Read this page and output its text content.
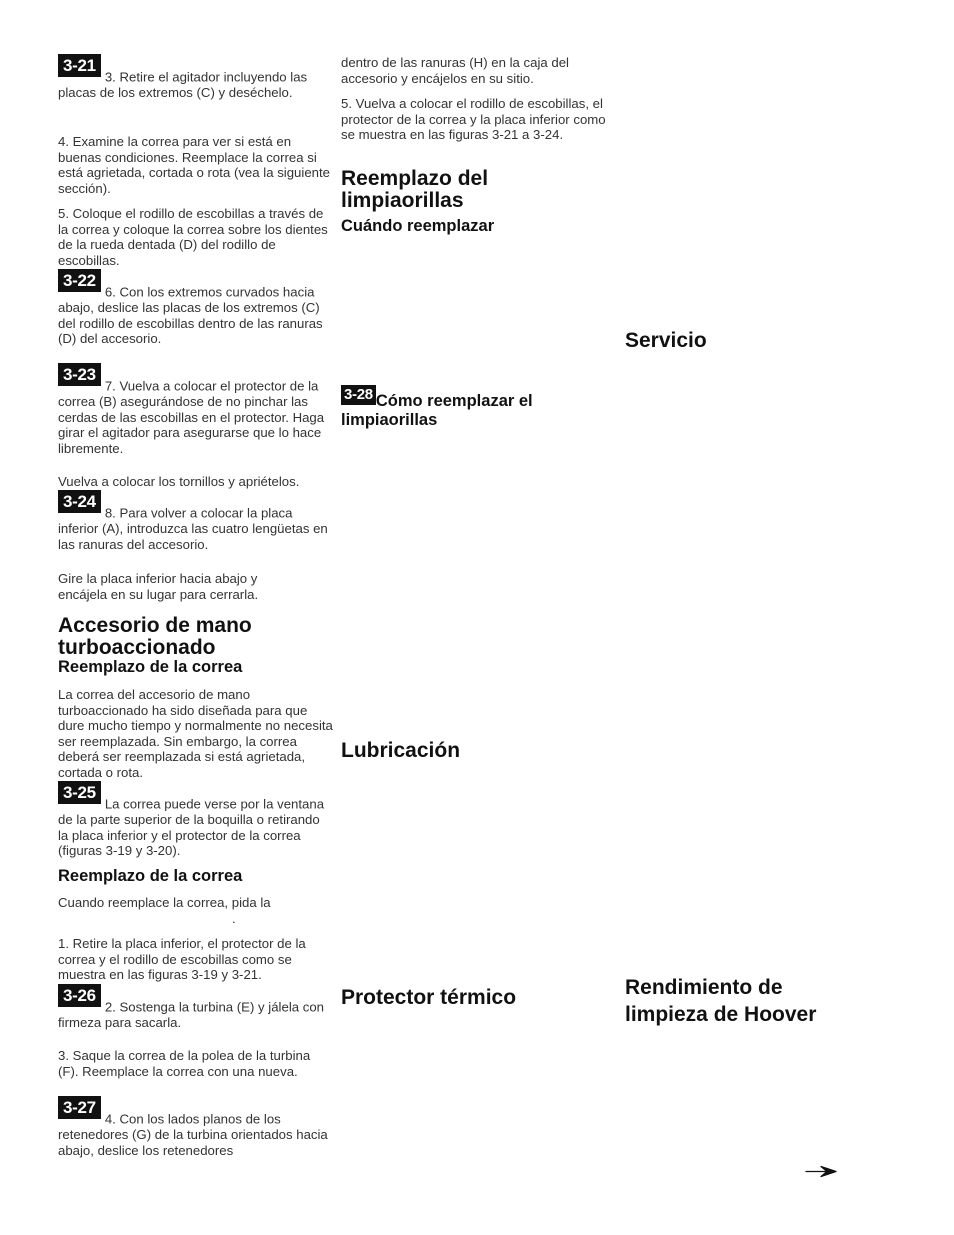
3-213. Retire el agitador incluyendo las placas de los extremos (C) y deséchelo.

4. Examine la correa para ver si está en buenas condiciones. Reemplace la correa si está agrietada, cortada o rota (vea la siguiente sección).

5. Coloque el rodillo de escobillas a través de la correa y coloque la correa sobre los dientes de la rueda dentada (D) del rodillo de escobillas.

3-226. Con los extremos curvados hacia abajo, deslice las placas de los extremos (C) del rodillo de escobillas dentro de las ranuras (D) del accesorio.

3-237. Vuelva a colocar el protector de la correa (B) asegurándose de no pinchar las cerdas de las escobillas en el protector. Haga girar el agitador para asegurarse que lo hace libremente.

Vuelva a colocar los tornillos y apriételos.

3-248. Para volver a colocar la placa inferior (A), introduzca las cuatro lengüetas en las ranuras del accesorio.

Gire la placa inferior hacia abajo y encájela en su lugar para cerrarla.

Accesorio de mano turboaccionado
Reemplazo de la correa

La correa del accesorio de mano turboaccionado ha sido diseñada para que dure mucho tiempo y normalmente no necesita ser reemplazada. Sin embargo, la correa deberá ser reemplazada si está agrietada, cortada o rota.

3-25La correa puede verse por la ventana de la parte superior de la boquilla o retirando la placa inferior y el protector de la correa (figuras 3-19 y 3-20).

Reemplazo de la correa

Cuando reemplace la correa, pida la

.

1. Retire la placa inferior, el protector de la correa y el rodillo de escobillas como se muestra en las figuras 3-19 y 3-21.

3-262. Sostenga la turbina (E) y jálela con firmeza para sacarla.

3. Saque la correa de la polea de la turbina (F). Reemplace la correa con una nueva.

3-274. Con los lados planos de los retenedores (G) de la turbina orientados hacia abajo, deslice los retenedores

dentro de las ranuras (H) en la caja del accesorio y encájelos en su sitio.

5. Vuelva a colocar el rodillo de escobillas, el protector de la correa y la placa inferior como se muestra en las figuras 3-21 a 3-24.

Reemplazo del limpiaorillas
Cuándo reemplazar
3-28 Cómo reemplazar el limpiaorillas
Lubricación
Protector térmico
Servicio
Rendimiento de
limpieza de Hoover
